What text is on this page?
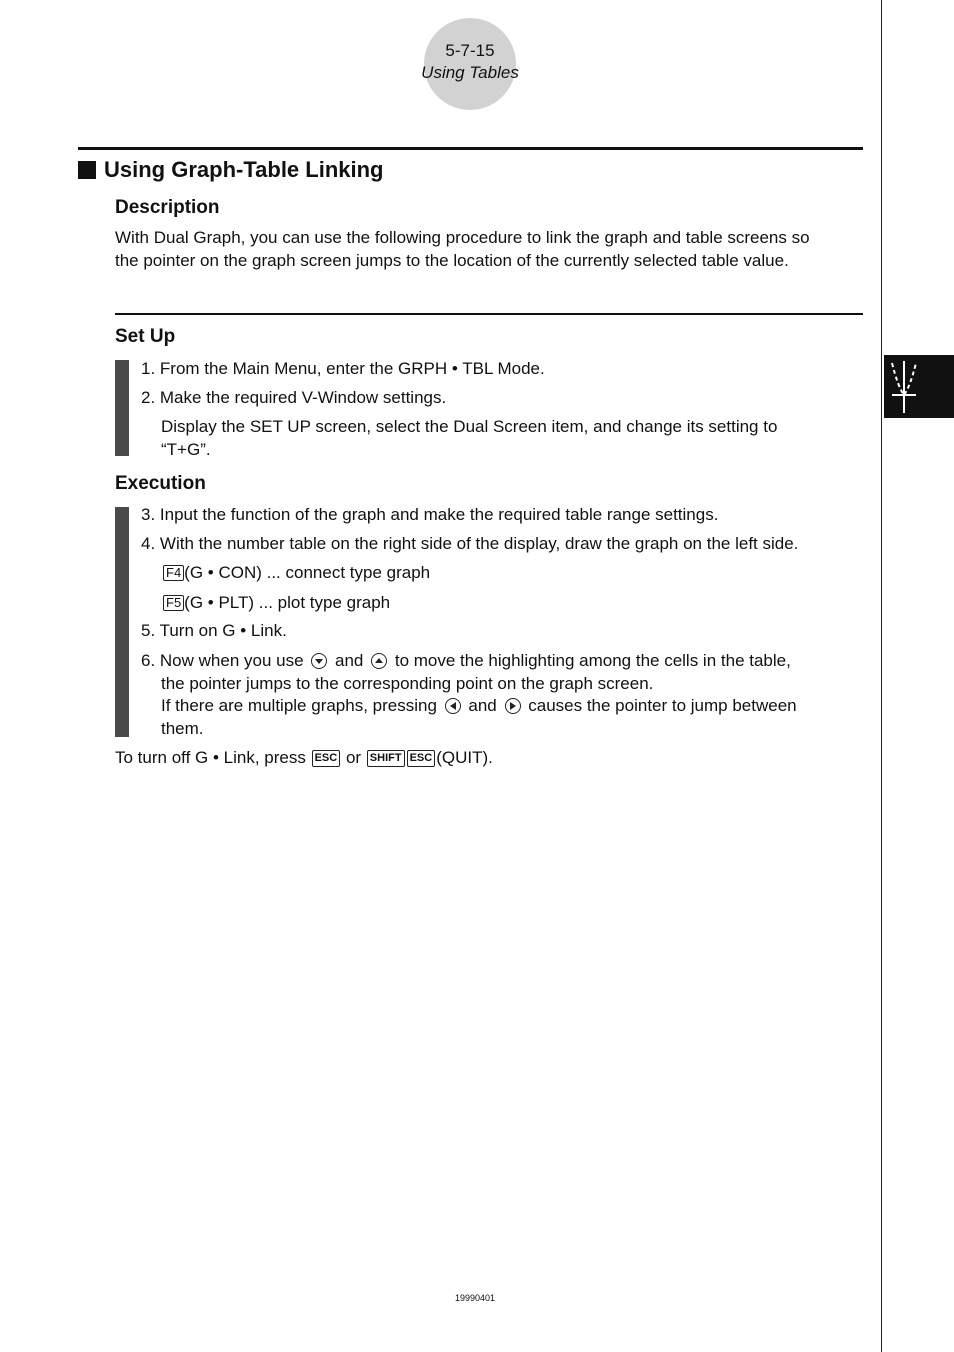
5-7-15
Using Tables
Using Graph-Table Linking
Description
With Dual Graph, you can use the following procedure to link the graph and table screens so
the pointer on the graph screen jumps to the location of the currently selected table value.
Set Up
1. From the Main Menu, enter the GRPH • TBL Mode.
2. Make the required V-Window settings.
Display the SET UP screen, select the Dual Screen item, and change its setting to
“T+G”.
Execution
3. Input the function of the graph and make the required table range settings.
4. With the number table on the right side of the display, draw the graph on the left side.
F4 (G • CON) ... connect type graph
F5 (G • PLT) ... plot type graph
5. Turn on G • Link.
6. Now when you use and to move the highlighting among the cells in the table,
the pointer jumps to the corresponding point on the graph screen.
If there are multiple graphs, pressing and causes the pointer to jump between
them.
To turn off G • Link, press ESC or SHIFT ESC (QUIT).
19990401
